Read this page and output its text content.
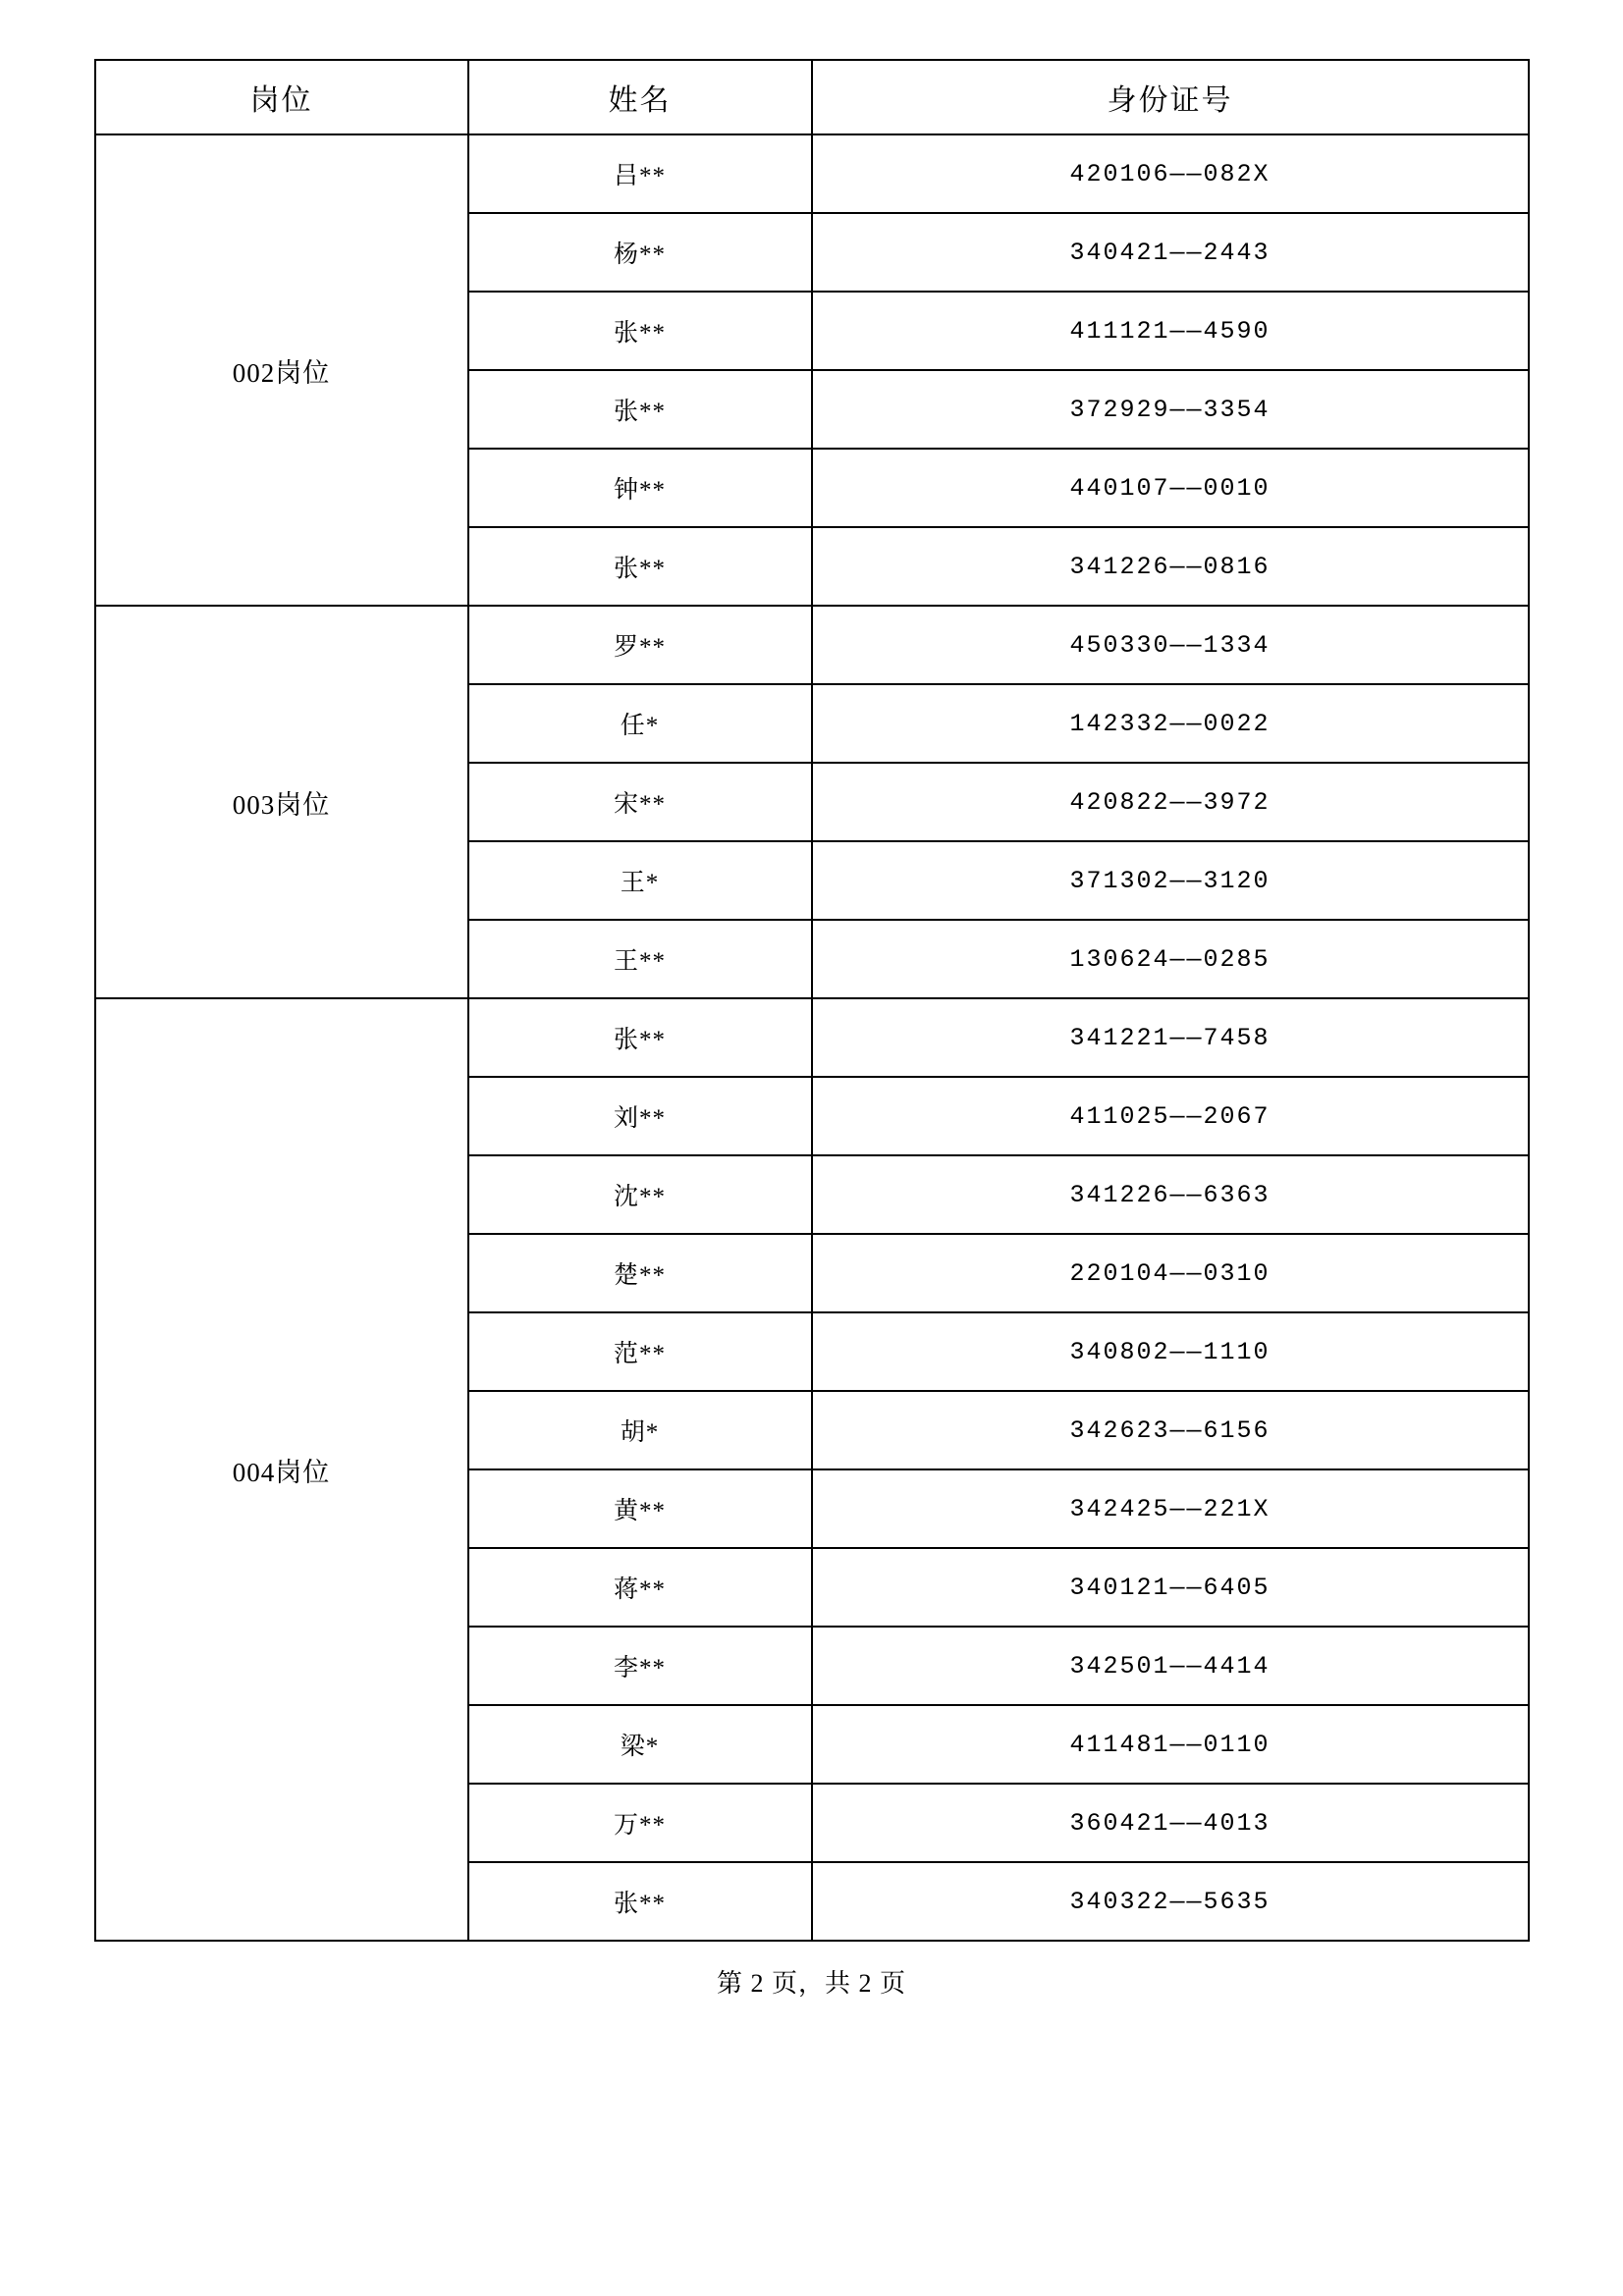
岗位	姓名	身份证号
002岗位	吕**	420106——082X
	杨**	340421——2443
	张**	411121——4590
	张**	372929——3354
	钟**	440107——0010
	张**	341226——0816
003岗位	罗**	450330——1334
	任*	142332——0022
	宋**	420822——3972
	王*	371302——3120
	王**	130624——0285
004岗位	张**	341221——7458
	刘**	411025——2067
	沈**	341226——6363
	楚**	220104——0310
	范**	340802——1110
	胡*	342623——6156
	黄**	342425——221X
	蒋**	340121——6405
	李**	342501——4414
	梁*	411481——0110
	万**	360421——4013
	张**	340322——5635
第 2 页，共 2 页
